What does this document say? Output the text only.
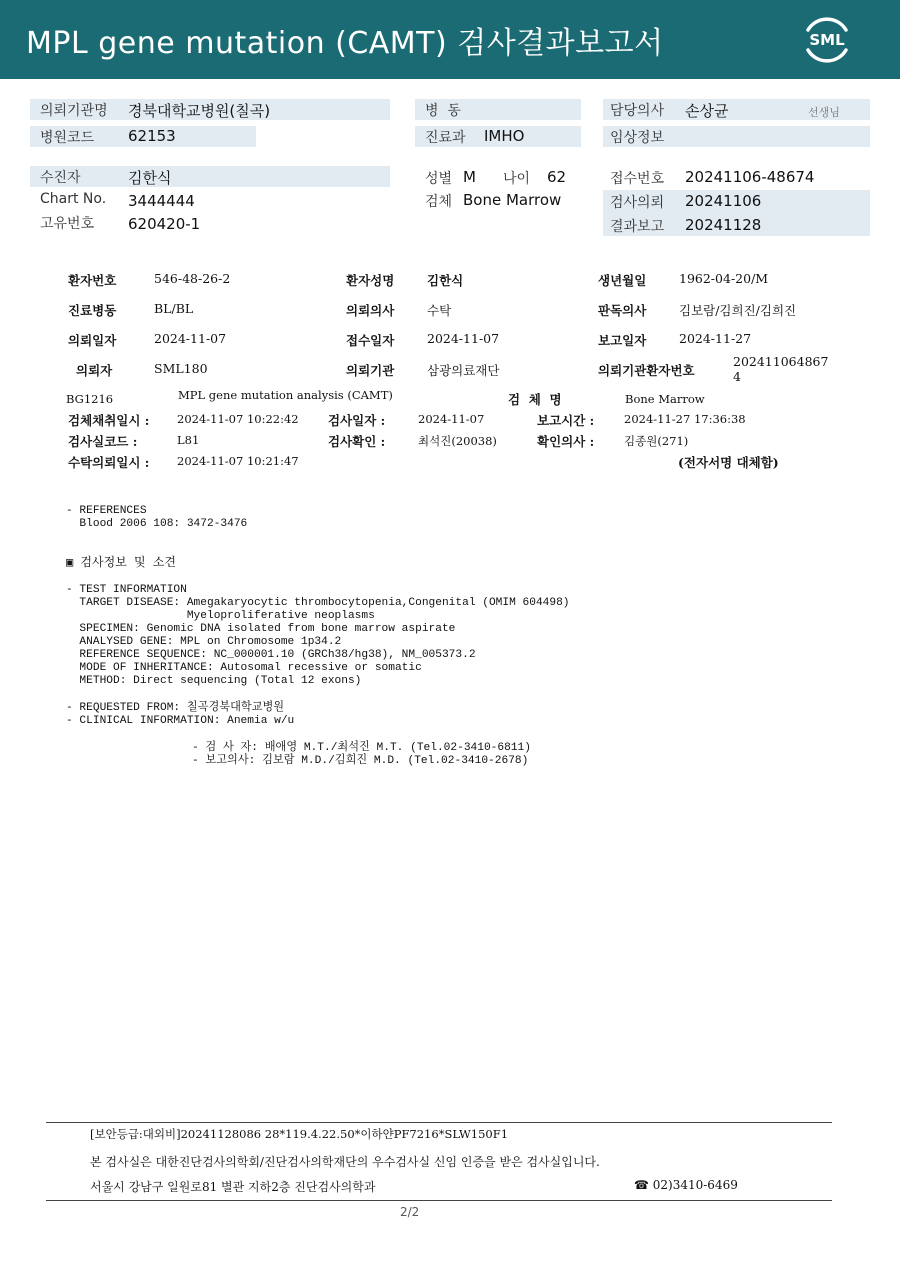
MPL gene mutation (CAMT) 검사결과보고서	SML
의뢰기관명 경북대학교병원(칠곡)
병원코드 62153
병  동
진료과 IMHO
담당의사 손상균	선생님
임상정보
수진자	김한식
Chart No. 3444444
고유번호 620420-1
성별 M 나이 62
검체 Bone Marrow
접수번호 20241106-48674
검사의뢰 20241106
결과보고 20241128
환자번호	546-48-26-2	환자성명	김한식	생년월일	1962-04-20/M
진료병동	BL/BL	의뢰의사	수탁	판독의사	김보람/김희진/김희진
의뢰일자	2024-11-07	접수일자	2024-11-07	보고일자	2024-11-27
의뢰자	SML180	의뢰기관	삼광의료재단	의뢰기관환자번호
202411064867
4
BG1216	MPL gene mutation analysis (CAMT)	검  체  명	Bone Marrow
검체채취일시 : 2024-11-07 10:22:42 검사일자 :	2024-11-07	보고시간 :	2024-11-27 17:36:38
검사실코드 :	L81	검사확인 :	최석진(20038)	확인의사 :	김종원(271)
수탁의뢰일시 : 2024-11-07 10:21:47	(전자서명 대체함)
- REFERENCES
Blood 2006 108: 3472-3476
▣ 검사정보 및 소견
- TEST INFORMATION
TARGET DISEASE: Amegakaryocytic thrombocytopenia,Congenital (OMIM 604498)
Myeloproliferative neoplasms
SPECIMEN: Genomic DNA isolated from bone marrow aspirate
ANALYSED GENE: MPL on Chromosome 1p34.2
REFERENCE SEQUENCE: NC_000001.10 (GRCh38/hg38), NM_005373.2
MODE OF INHERITANCE: Autosomal recessive or somatic
METHOD: Direct sequencing (Total 12 exons)
- REQUESTED FROM: 칠곡경북대학교병원
- CLINICAL INFORMATION: Anemia w/u
- 검 사 자: 배애영 M.T./최석진 M.T. (Tel.02-3410-6811)
- 보고의사: 김보람 M.D./김희진 M.D. (Tel.02-3410-2678)
[보안등급:대외비]20241128086 28*119.4.22.50*이하얀PF7216*SLW150F1
본 검사실은 대한진단검사의학회/진단검사의학재단의 우수검사실 신임 인증을 받은 검사실입니다.
서울시 강남구 일원로81 별관 지하2층 진단검사의학과	☎ 02)3410-6469
2/2
